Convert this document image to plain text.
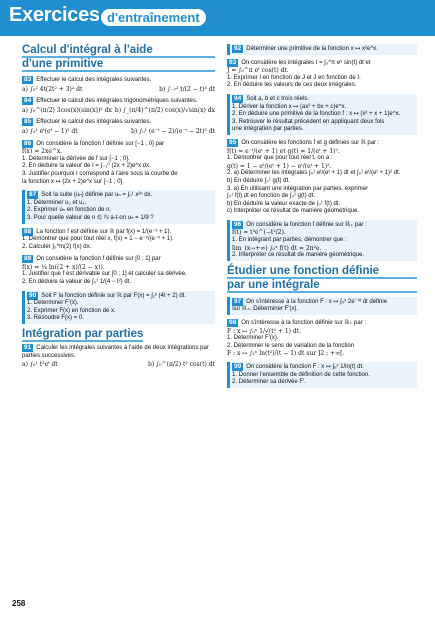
Exercices d'entraînement
Calcul d'intégral à l'aide
d'une primitive
83 Effectuer le calcul des intégrales suivantes.
a) ∫₀² 4t(2t² + 3)² dt	b) ∫₋₇² t/(2 − t)³ dt
84 Effectuer le calcul des intégrales trigonométriques suivantes.
a) ∫₀^(π/2) 3cos(x)(sin(x))² dx b) ∫_(π/4)^(π/2) cos(x)/√sin(x) dx
85 Effectuer le calcul des intégrales suivantes.
a) ∫₀¹ eᵗ(eᵗ − 1)² dt	b) ∫₀¹ (e⁻ᵗ − 2)/(e⁻ᵗ − 2t)³ dt
86 On considère la fonction f définie sur [−1 ; 0] par
f(x) = 2xe^x.
1. Déterminer la dérivée de f sur [−1 ; 0].
2. En déduire la valeur de I = ∫₋₁⁰ (2x + 2)e^x dx.
3. Justifier pourquoi I correspond à l'aire sous la courbe de
la fonction x ↦ (2x + 2)e^x sur [−1 ; 0].
87 Soit la suite (uₙ) définie par uₙ = ∫₀¹ x²ⁿ dx.
1. Déterminer u₀ et u₁.
2. Exprimer uₙ en fonction de n.
3. Pour quelle valeur de n ∈ ℕ a-t-on uₙ = 1/9 ?
88 La fonction f est définie sur ℝ par f(x) = 1/(e⁻ˣ + 1).
1. Démontrer que pour tout réel x, f(x) = 1 − e⁻ˣ/(e⁻ˣ + 1).
2. Calculer ∫₀^ln(2) f(x) dx.
89 On considère la fonction f définie sur [0 ; 1] par
f(x) = ¼ ln((2 + x)/(2 − x)).
1. Justifier que f est dérivable sur [0 ; 1] et calculer sa dérivée.
2. En déduire la valeur de ∫₀¹ 1/(4 − t²) dt.
90 Soit F la fonction définie sur ℝ par F(x) = ∫₁ˣ (4t + 2) dt.
1. Déterminer F'(x).
2. Exprimer F(x) en fonction de x.
3. Résoudre F(x) = 0.
Intégration par parties
91 Calculer les intégrales suivantes à l'aide de deux intégrations par parties successives.
a) ∫₀¹ t²eᵗ dt	b) ∫₀^(π/2) t² cos(t) dt
92 Déterminer une primitive de la fonction x ↦ x²e^x.
93 On considère les intégrales I = ∫₀^π eˣ sin(t) dt et
J = ∫₀^π eᵗ cos(t) dt.
1. Exprimer I en fonction de J et J en fonction de I.
2. En déduire les valeurs de ces deux intégrales.
94 Soit a, b et c trois réels.
1. Dériver la fonction x ↦ (ax² + bx + c)e^x.
2. En déduire une primitive de la fonction f : x ↦ (x² + x + 1)e^x.
3. Retrouver le résultat précédent en appliquant deux fois
une intégration par parties.
95 On considère les fonctions f et g définies sur ℝ par :
f(t) = e⁻ᵗ/(eᵗ + 1) et g(t) = 1/(eᵗ + 1)².
1. Démontrer que pour tout réel t, on a :
g(t) = 1 − eᵗ/(eᵗ + 1) − eᵗ/(eᵗ + 1)².
2. a) Déterminer les intégrales ∫₀¹ eᵗ/(eᵗ + 1) dt et ∫₀¹ eᵗ/(eᵗ + 1)² dt.
b) En déduire ∫₀¹ g(t) dt.
3. a) En utilisant une intégration par parties, exprimer
∫₀¹ f(t) dt en fonction de ∫₀¹ g(t) dt.
b) En déduire la valeur exacte de ∫₀¹ f(t) dt.
c) Interpréter ce résultat de manière géométrique.
96 On considère la fonction f définie sur ℝ₊ par :
f(t) = t³e^(−t²/2).
1. En intégrant par parties, démontrer que :
lim_(x→+∞) ∫₀ˣ f(t) dt = 2π²e.
2. Interpréter ce résultat de manière géométrique.
Étudier une fonction définie
par une intégrale
97 On s'intéresse à la fonction F : x ↦ ∫₀ˣ 2e⁻³ᵗ dt définie
sur ℝ₊. Déterminer F'(x).
98 On s'intéresse à la fonction définie sur ℝ₊ par :
F : x ↦ ∫₀ˣ 1/√(t² + 1) dt.
1. Déterminer F'(x).
2. Déterminer le sens de variation de la fonction
F : x ↦ ∫₂ˣ ln(t²)/(t − 1) dt sur ]2 ; +∞[.
99 On considère la fonction F : x ↦ ∫ₑˣ 1/ln(t) dt.
1. Donner l'ensemble de définition de cette fonction.
2. Déterminer sa dérivée F'.
258
